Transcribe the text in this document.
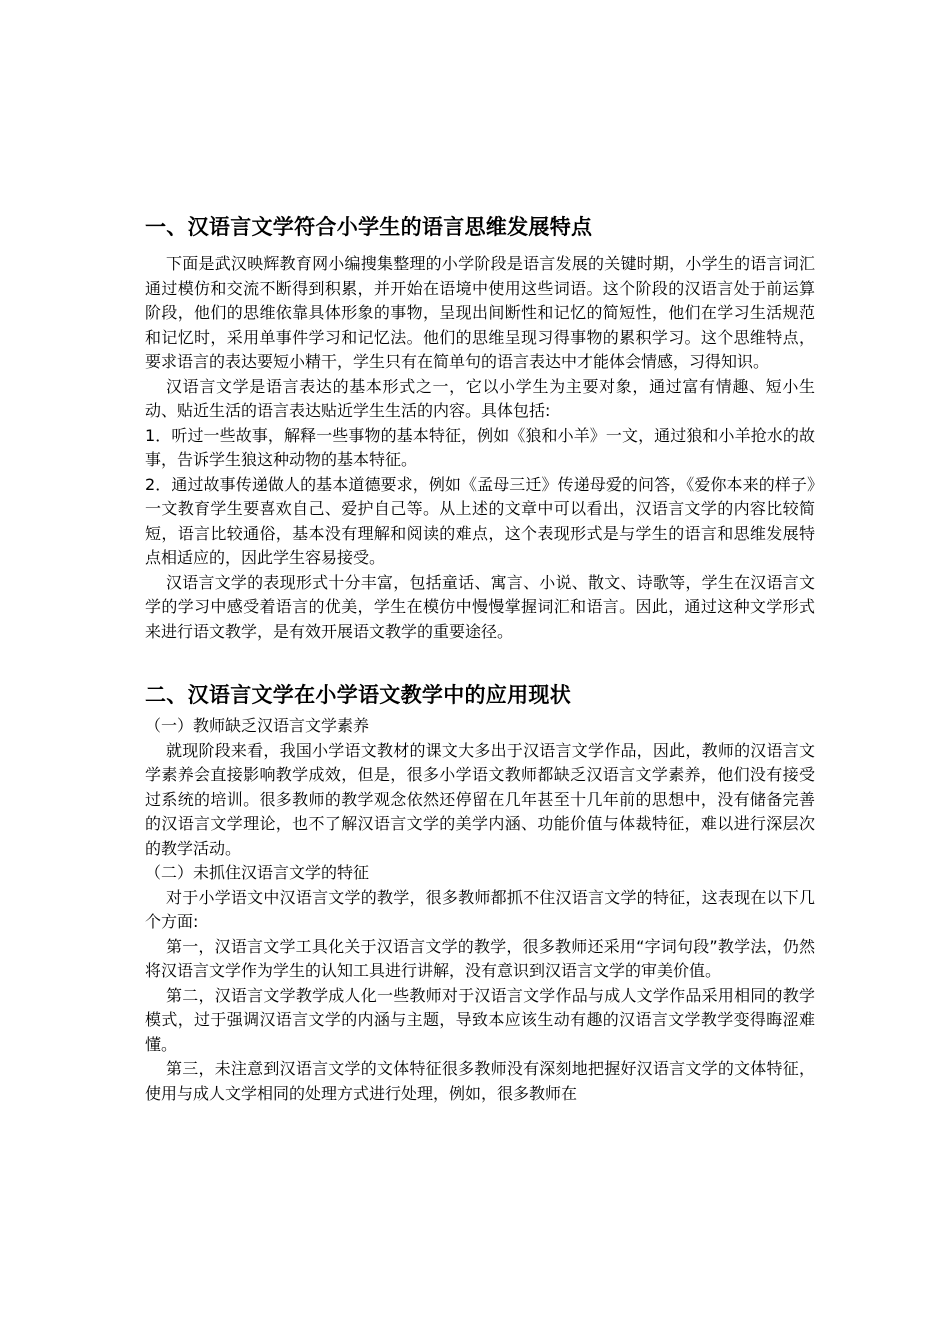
一、汉语言文学符合小学生的语言思维发展特点

下面是武汉映辉教育网小编搜集整理的小学阶段是语言发展的关键时期，小学生的语言词汇通过模仿和交流不断得到积累，并开始在语境中使用这些词语。这个阶段的汉语言处于前运算阶段，他们的思维依靠具体形象的事物，呈现出间断性和记忆的简短性，他们在学习生活规范和记忆时，采用单事件学习和记忆法。他们的思维呈现习得事物的累积学习。这个思维特点，要求语言的表达要短小精干，学生只有在简单句的语言表达中才能体会情感，习得知识。

汉语言文学是语言表达的基本形式之一，它以小学生为主要对象，通过富有情趣、短小生动、贴近生活的语言表达贴近学生生活的内容。具体包括:

1．听过一些故事，解释一些事物的基本特征，例如《狼和小羊》一文，通过狼和小羊抢水的故事，告诉学生狼这种动物的基本特征。

2．通过故事传递做人的基本道德要求，例如《孟母三迁》传递母爱的问答，《爱你本来的样子》一文教育学生要喜欢自己、爱护自己等。从上述的文章中可以看出，汉语言文学的内容比较简短，语言比较通俗，基本没有理解和阅读的难点，这个表现形式是与学生的语言和思维发展特点相适应的，因此学生容易接受。

汉语言文学的表现形式十分丰富，包括童话、寓言、小说、散文、诗歌等，学生在汉语言文学的学习中感受着语言的优美，学生在模仿中慢慢掌握词汇和语言。因此，通过这种文学形式来进行语文教学，是有效开展语文教学的重要途径。

二、汉语言文学在小学语文教学中的应用现状

（一）教师缺乏汉语言文学素养

就现阶段来看，我国小学语文教材的课文大多出于汉语言文学作品，因此，教师的汉语言文学素养会直接影响教学成效，但是，很多小学语文教师都缺乏汉语言文学素养，他们没有接受过系统的培训。很多教师的教学观念依然还停留在几年甚至十几年前的思想中，没有储备完善的汉语言文学理论，也不了解汉语言文学的美学内涵、功能价值与体裁特征，难以进行深层次的教学活动。

（二）未抓住汉语言文学的特征

对于小学语文中汉语言文学的教学，很多教师都抓不住汉语言文学的特征，这表现在以下几个方面:

第一，汉语言文学工具化关于汉语言文学的教学，很多教师还采用“字词句段”教学法，仍然将汉语言文学作为学生的认知工具进行讲解，没有意识到汉语言文学的审美价值。

第二，汉语言文学教学成人化一些教师对于汉语言文学作品与成人文学作品采用相同的教学模式，过于强调汉语言文学的内涵与主题，导致本应该生动有趣的汉语言文学教学变得晦涩难懂。

第三，未注意到汉语言文学的文体特征很多教师没有深刻地把握好汉语言文学的文体特征，使用与成人文学相同的处理方式进行处理，例如，很多教师在
